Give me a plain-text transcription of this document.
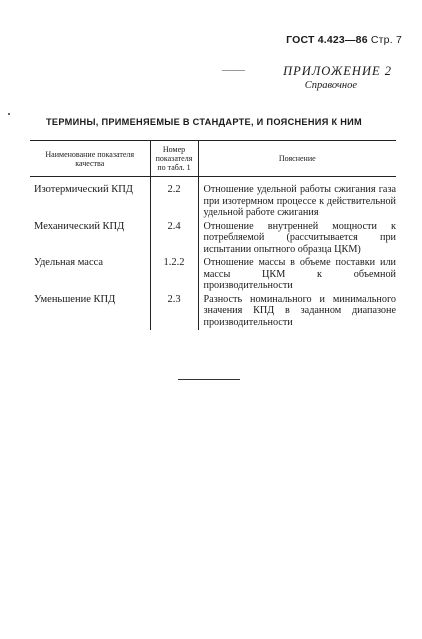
ГОСТ 4.423—86 Стр. 7
— —	ПРИЛОЖЕНИЕ 2
Справочное
ТЕРМИНЫ, ПРИМЕНЯЕМЫЕ В СТАНДАРТЕ, И ПОЯСНЕНИЯ К НИМ
Наименование показателя качества	Номер показателя по табл. 1	Пояснение
Изотермический КПД	2.2	Отношение удельной работы сжигания газа при изотермном процессе к действительной удельной работе сжигания
Механический КПД	2.4	Отношение внутренней мощности к потребляемой (рассчитывается при испытании опытного образца ЦКМ)
Удельная масса	1.2.2	Отношение массы в объеме поставки или массы ЦКМ к объемной производительности
Уменьшение КПД	2.3	Разность номинального и минимального значения КПД в заданном диапазоне производительности
